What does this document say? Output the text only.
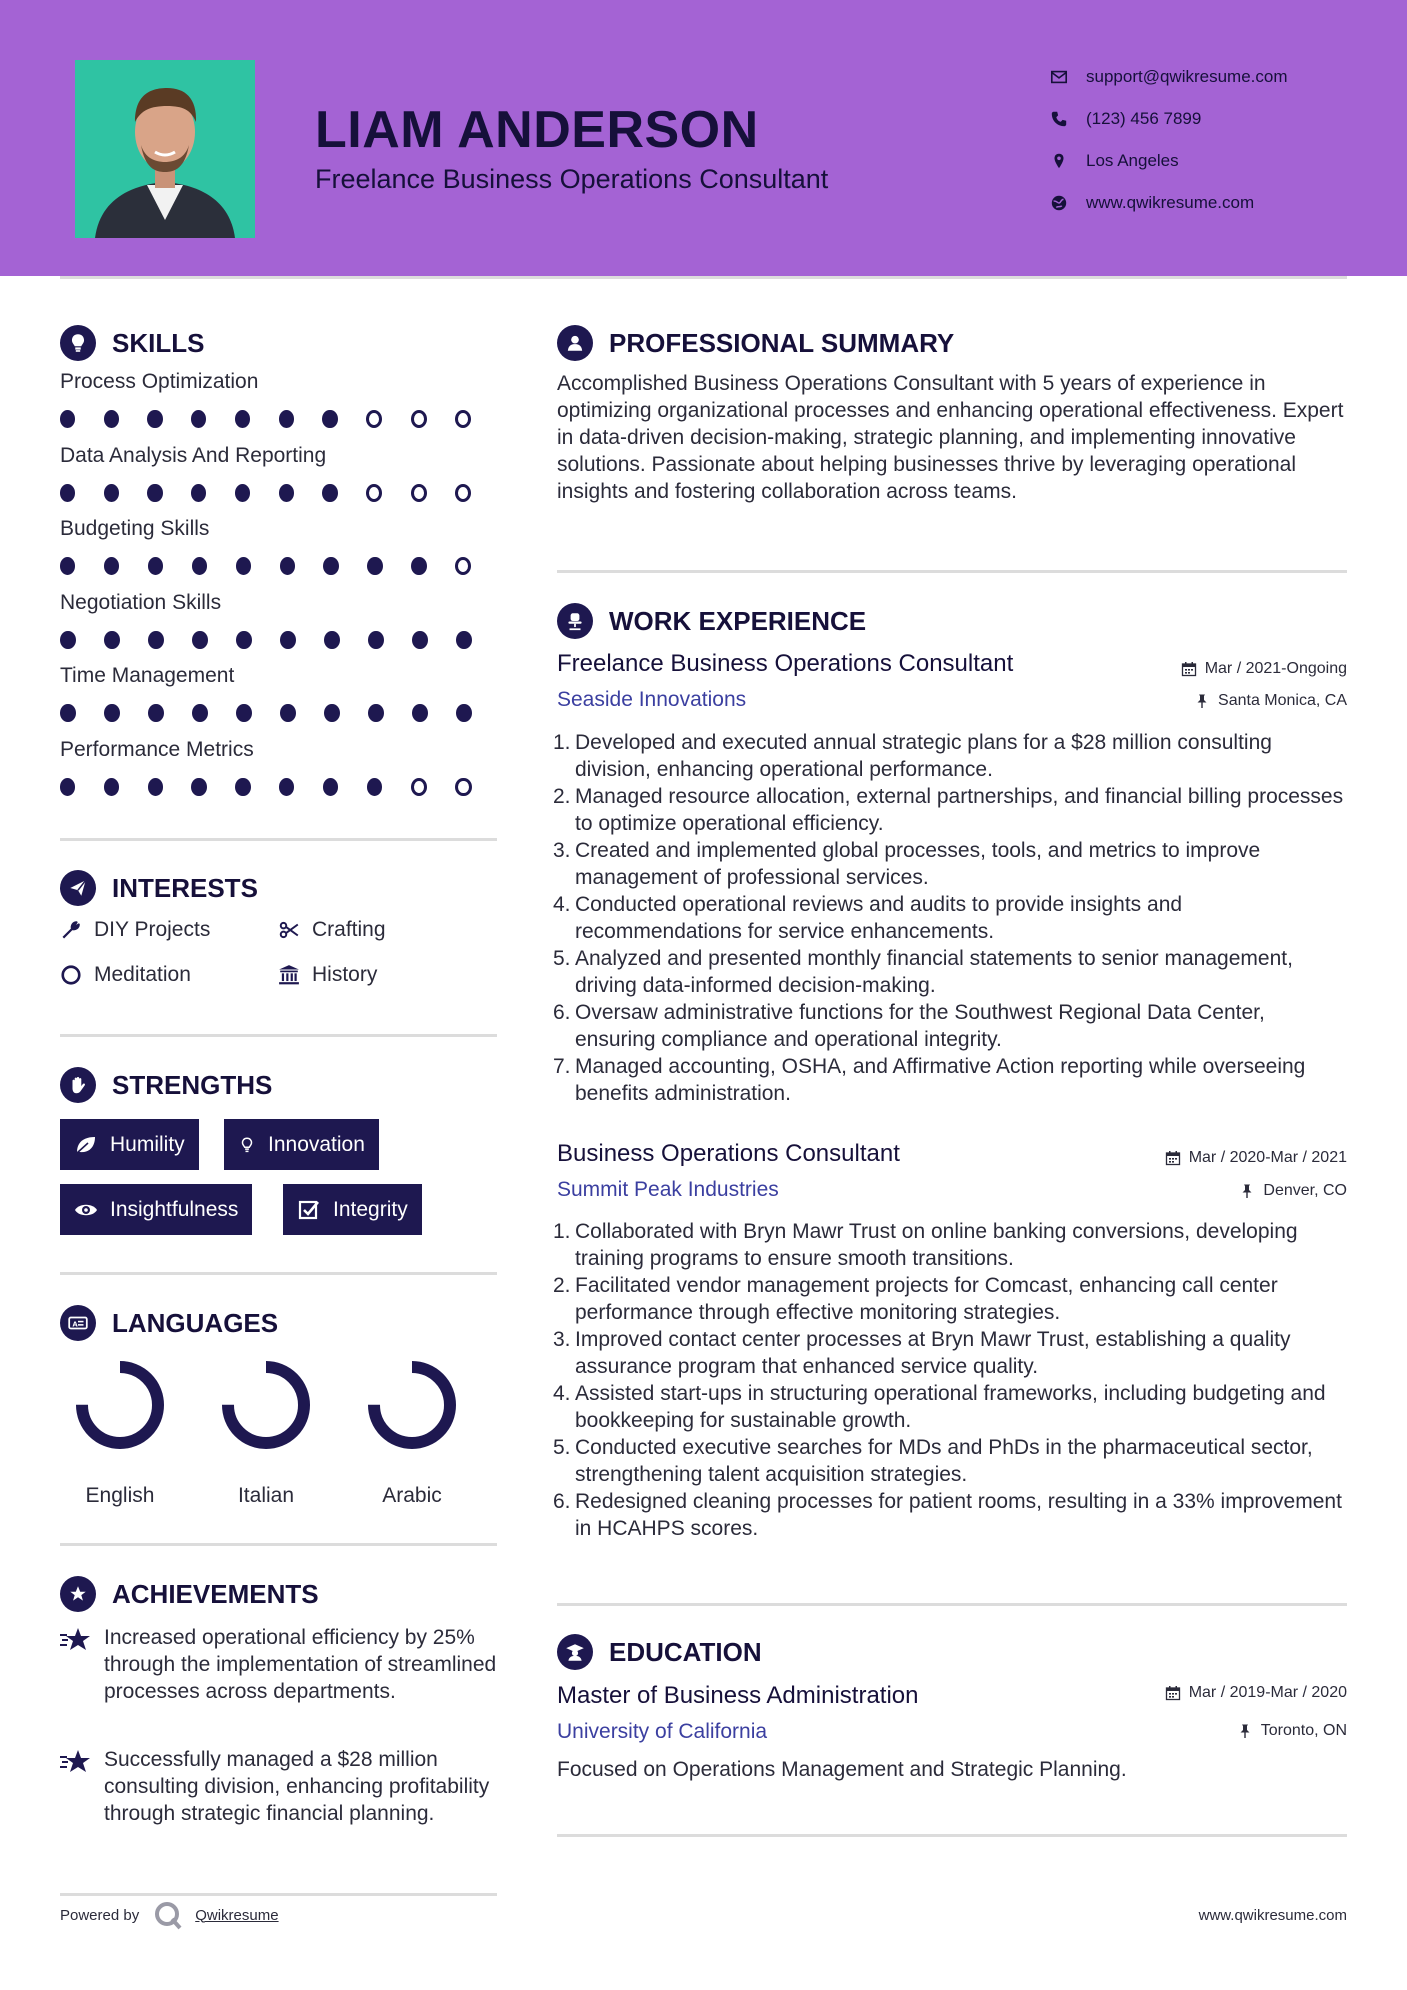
LIAM ANDERSON
Freelance Business Operations Consultant
support@qwikresume.com
(123) 456 7899
Los Angeles
www.qwikresume.com
SKILLS
Process Optimization
Data Analysis And Reporting
Budgeting Skills
Negotiation Skills
Time Management
Performance Metrics
INTERESTS
DIY Projects	Crafting
Meditation	History
STRENGTHS
Humility	Innovation
Insightfulness	Integrity
A LANGUAGES
English	Italian	Arabic
ACHIEVEMENTS
Increased operational efficiency by 25% through the implementation of streamlined processes across departments.
Successfully managed a $28 million consulting division, enhancing profitability through strategic financial planning.
PROFESSIONAL SUMMARY
Accomplished Business Operations Consultant with 5 years of experience in optimizing organizational processes and enhancing operational effectiveness. Expert in data-driven decision-making, strategic planning, and implementing innovative solutions. Passionate about helping businesses thrive by leveraging operational insights and fostering collaboration across teams.
WORK EXPERIENCE
Freelance Business Operations Consultant	Mar / 2021-Ongoing
Seaside Innovations	Santa Monica, CA
1. Developed and executed annual strategic plans for a $28 million consulting division, enhancing operational performance.
2. Managed resource allocation, external partnerships, and financial billing processes to optimize operational efficiency.
3. Created and implemented global processes, tools, and metrics to improve management of professional services.
4. Conducted operational reviews and audits to provide insights and recommendations for service enhancements.
5. Analyzed and presented monthly financial statements to senior management, driving data-informed decision-making.
6. Oversaw administrative functions for the Southwest Regional Data Center, ensuring compliance and operational integrity.
7. Managed accounting, OSHA, and Affirmative Action reporting while overseeing benefits administration.
Business Operations Consultant	Mar / 2020-Mar / 2021
Summit Peak Industries	Denver, CO
1. Collaborated with Bryn Mawr Trust on online banking conversions, developing training programs to ensure smooth transitions.
2. Facilitated vendor management projects for Comcast, enhancing call center performance through effective monitoring strategies.
3. Improved contact center processes at Bryn Mawr Trust, establishing a quality assurance program that enhanced service quality.
4. Assisted start-ups in structuring operational frameworks, including budgeting and bookkeeping for sustainable growth.
5. Conducted executive searches for MDs and PhDs in the pharmaceutical sector, strengthening talent acquisition strategies.
6. Redesigned cleaning processes for patient rooms, resulting in a 33% improvement in HCAHPS scores.
EDUCATION
Master of Business Administration	Mar / 2019-Mar / 2020
University of California	Toronto, ON
Focused on Operations Management and Strategic Planning.
Powered by	Qwikresume	www.qwikresume.com
